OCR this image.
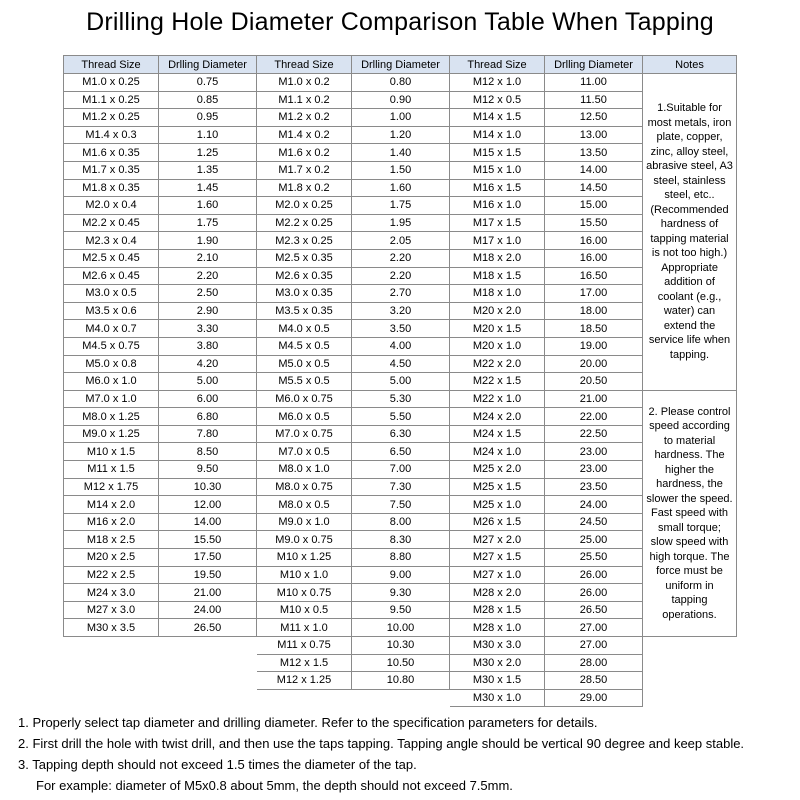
Drilling Hole Diameter Comparison Table When Tapping
Thread Size	Drlling Diameter
M1.0 x 0.25	0.75
M1.1 x 0.25	0.85
M1.2 x 0.25	0.95
M1.4 x 0.3	1.10
M1.6 x 0.35	1.25
M1.7 x 0.35	1.35
M1.8 x 0.35	1.45
M2.0 x 0.4	1.60
M2.2 x 0.45	1.75
M2.3 x 0.4	1.90
M2.5 x 0.45	2.10
M2.6 x 0.45	2.20
M3.0 x 0.5	2.50
M3.5 x 0.6	2.90
M4.0 x 0.7	3.30
M4.5 x 0.75	3.80
M5.0 x 0.8	4.20
M6.0 x 1.0	5.00
M7.0 x 1.0	6.00
M8.0 x 1.25	6.80
M9.0 x 1.25	7.80
M10 x 1.5	8.50
M11 x 1.5	9.50
M12 x 1.75	10.30
M14 x 2.0	12.00
M16 x 2.0	14.00
M18 x 2.5	15.50
M20 x 2.5	17.50
M22 x 2.5	19.50
M24 x 3.0	21.00
M27 x 3.0	24.00
M30 x 3.5	26.50
Thread Size	Drlling Diameter
M1.0 x 0.2	0.80
M1.1 x 0.2	0.90
M1.2 x 0.2	1.00
M1.4 x 0.2	1.20
M1.6 x 0.2	1.40
M1.7 x 0.2	1.50
M1.8 x 0.2	1.60
M2.0 x 0.25	1.75
M2.2 x 0.25	1.95
M2.3 x 0.25	2.05
M2.5 x 0.35	2.20
M2.6 x 0.35	2.20
M3.0 x 0.35	2.70
M3.5 x 0.35	3.20
M4.0 x 0.5	3.50
M4.5 x 0.5	4.00
M5.0 x 0.5	4.50
M5.5 x 0.5	5.00
M6.0 x 0.75	5.30
M6.0 x 0.5	5.50
M7.0 x 0.75	6.30
M7.0 x 0.5	6.50
M8.0 x 1.0	7.00
M8.0 x 0.75	7.30
M8.0 x 0.5	7.50
M9.0 x 1.0	8.00
M9.0 x 0.75	8.30
M10 x 1.25	8.80
M10 x 1.0	9.00
M10 x 0.75	9.30
M10 x 0.5	9.50
M11 x 1.0	10.00
M11 x 0.75	10.30
M12 x 1.5	10.50
M12 x 1.25	10.80
Thread Size	Drlling Diameter
M12 x 1.0	11.00
M12 x 0.5	11.50
M14 x 1.5	12.50
M14 x 1.0	13.00
M15 x 1.5	13.50
M15 x 1.0	14.00
M16 x 1.5	14.50
M16 x 1.0	15.00
M17 x 1.5	15.50
M17 x 1.0	16.00
M18 x 2.0	16.00
M18 x 1.5	16.50
M18 x 1.0	17.00
M20 x 2.0	18.00
M20 x 1.5	18.50
M20 x 1.0	19.00
M22 x 2.0	20.00
M22 x 1.5	20.50
M22 x 1.0	21.00
M24 x 2.0	22.00
M24 x 1.5	22.50
M24 x 1.0	23.00
M25 x 2.0	23.00
M25 x 1.5	23.50
M25 x 1.0	24.00
M26 x 1.5	24.50
M27 x 2.0	25.00
M27 x 1.5	25.50
M27 x 1.0	26.00
M28 x 2.0	26.00
M28 x 1.5	26.50
M28 x 1.0	27.00
M30 x 3.0	27.00
M30 x 2.0	28.00
M30 x 1.5	28.50
M30 x 1.0	29.00
Notes
1.Suitable for most metals, iron plate, copper, zinc, alloy steel, abrasive steel, A3 steel, stainless steel, etc..(Recommended hardness of tapping material is not too high.) Appropriate addition of coolant (e.g., water) can extend the service life when tapping.
2. Please control speed according to material hardness. The higher the hardness, the slower the speed. Fast speed with small torque; slow speed with high torque. The force must be uniform in tapping operations.
1. Properly select tap diameter and drilling diameter. Refer to the specification parameters for details.
2. First drill the hole with twist drill, and then use the taps tapping. Tapping angle should be vertical 90 degree and keep stable.
3. Tapping depth should not exceed 1.5 times the diameter of the tap.
For example: diameter of M5x0.8 about 5mm, the depth should not exceed 7.5mm.
